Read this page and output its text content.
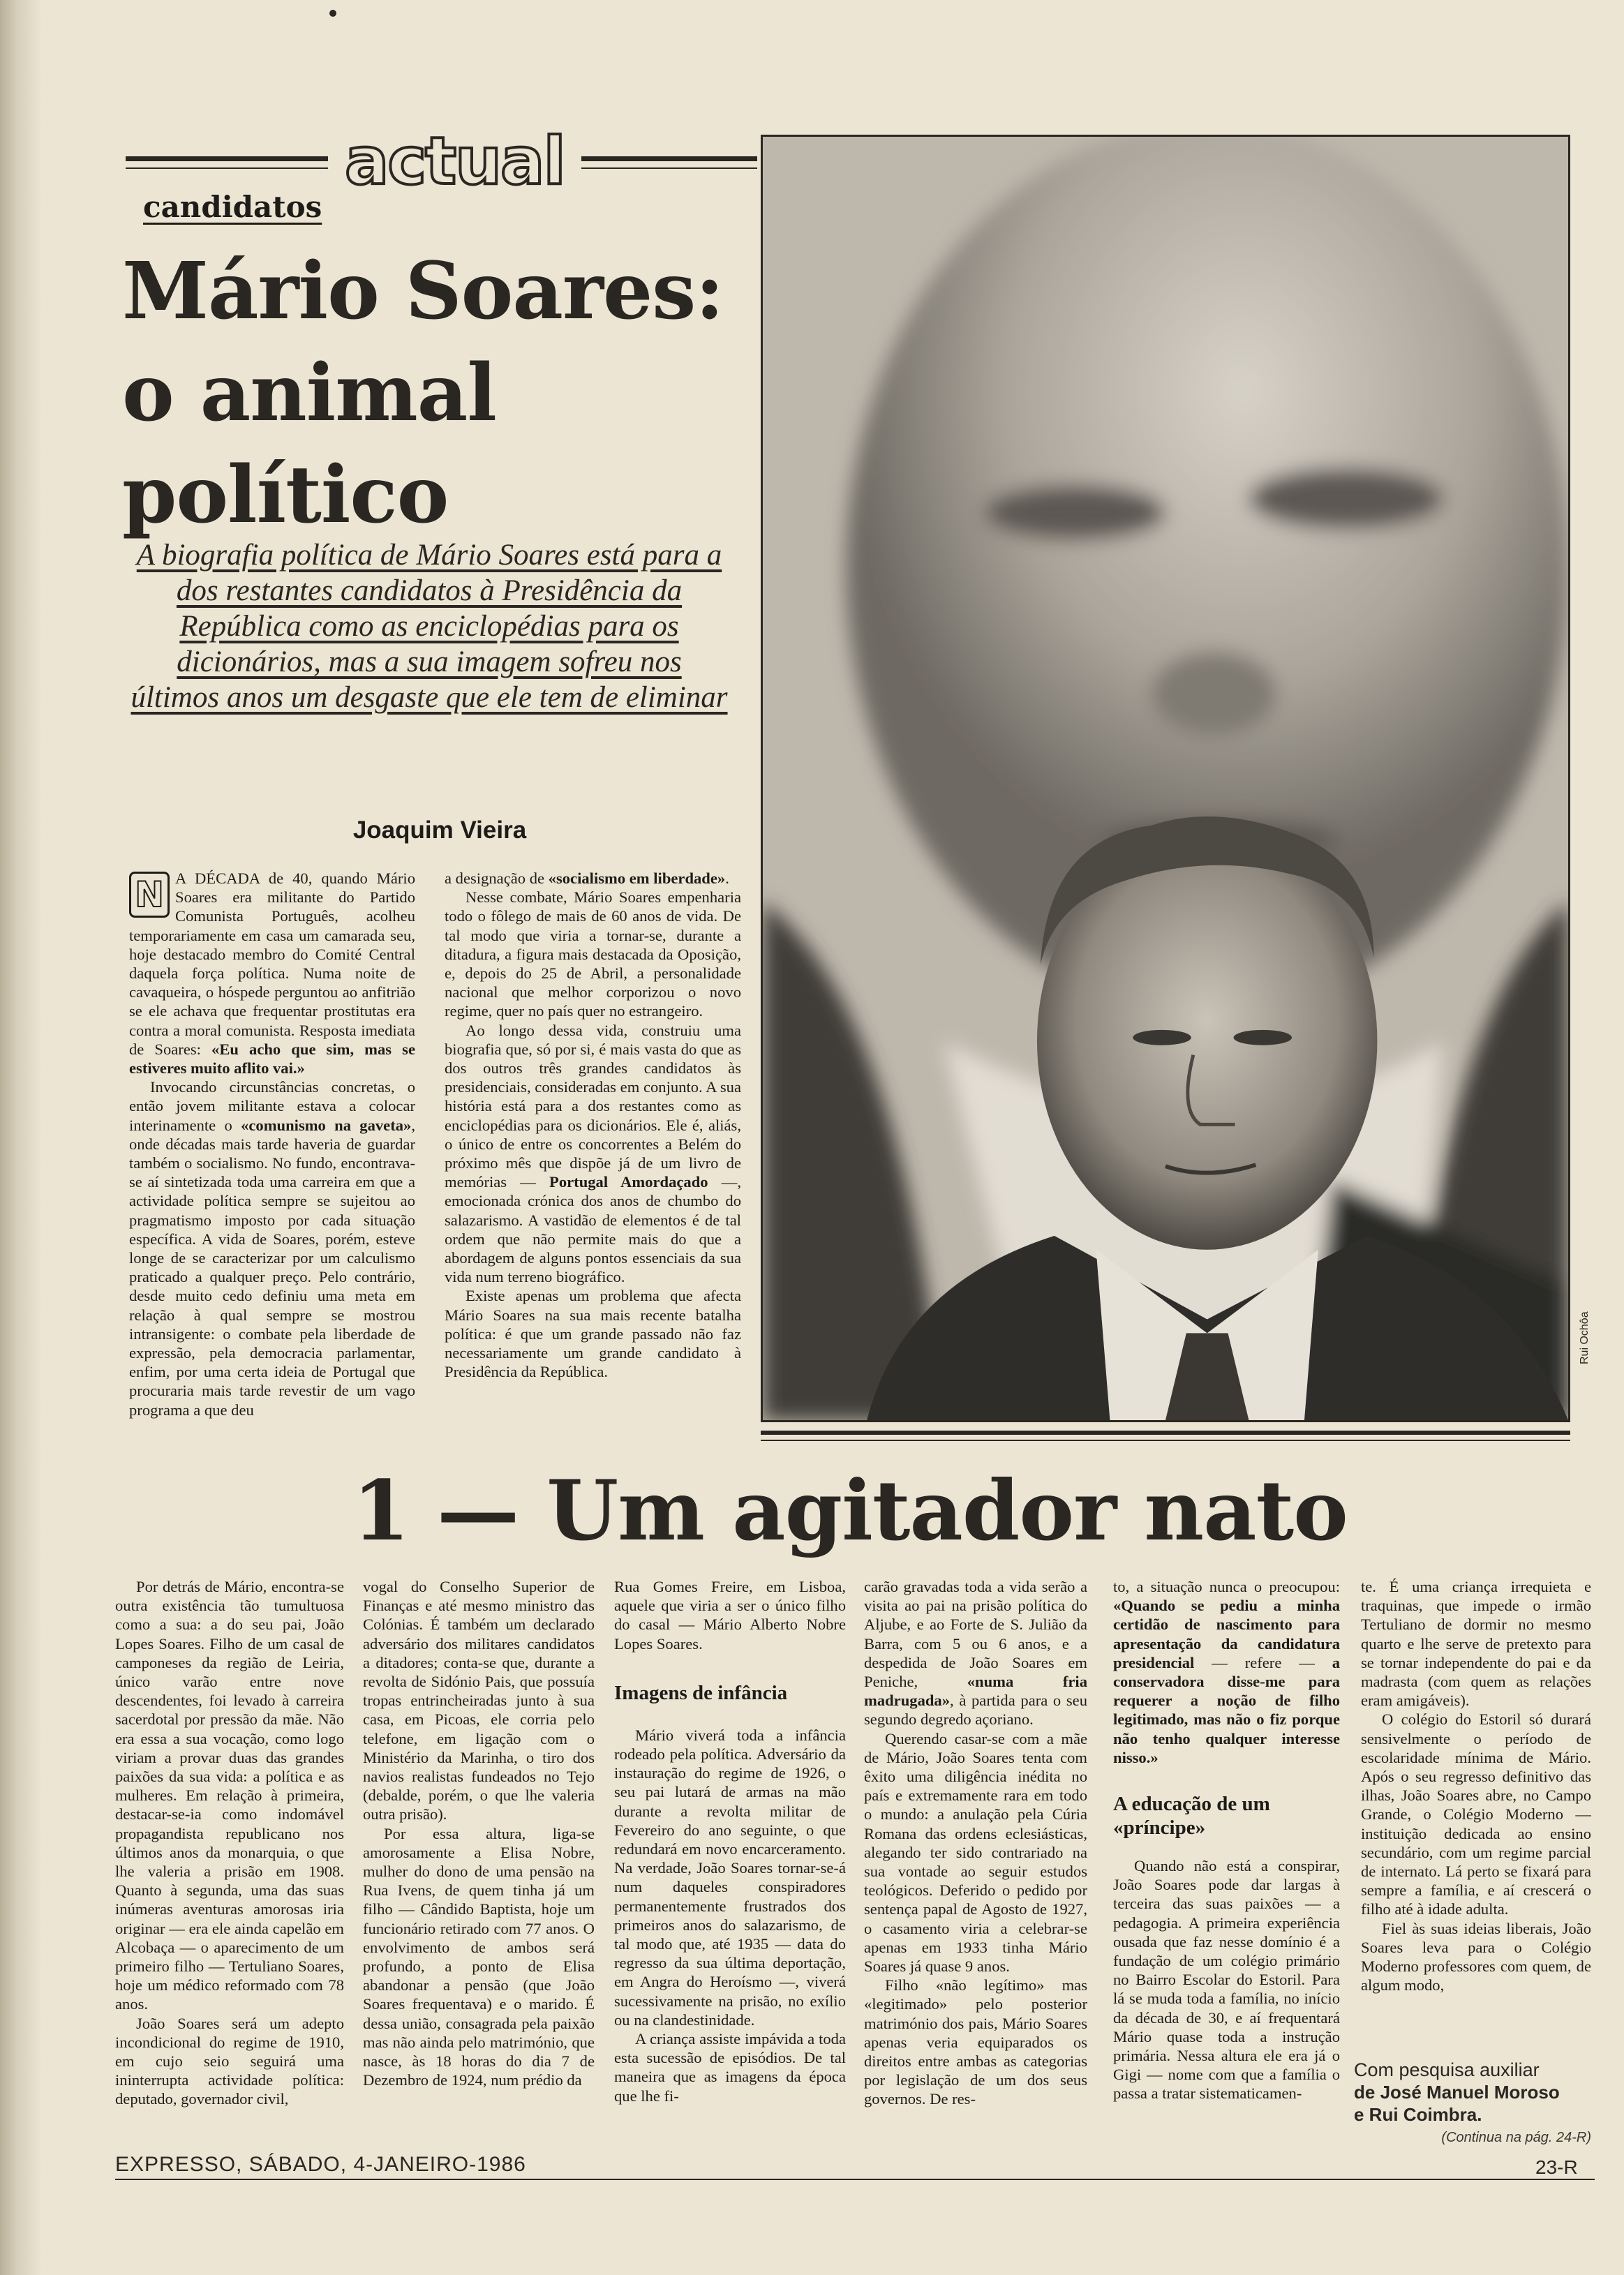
actual
candidatos
Mário Soares:
o animal
político
A biografia política de Mário Soares está para a dos restantes candidatos à Presidência da República como as enciclopédias para os dicionários, mas a sua imagem sofreu nos últimos anos um desgaste que ele tem de eliminar
Joaquim Vieira

N A DÉCADA de 40, quando Mário Soares era militante do Partido Comunista Português, acolheu temporariamente em casa um camarada seu, hoje destacado membro do Comité Central daquela força política. Numa noite de cavaqueira, o hóspede perguntou ao anfitrião se ele achava que frequentar prostitutas era contra a moral comunista. Resposta imediata de Soares: «Eu acho que sim, mas se estiveres muito aflito vai.»

Invocando circunstâncias concretas, o então jovem militante estava a colocar interinamente o «comunismo na gaveta», onde décadas mais tarde haveria de guardar também o socialismo. No fundo, encontrava-se aí sintetizada toda uma carreira em que a actividade política sempre se sujeitou ao pragmatismo imposto por cada situação específica. A vida de Soares, porém, esteve longe de se caracterizar por um calculismo praticado a qualquer preço. Pelo contrário, desde muito cedo definiu uma meta em relação à qual sempre se mostrou intransigente: o combate pela liberdade de expressão, pela democracia parlamentar, enfim, por uma certa ideia de Portugal que procuraria mais tarde revestir de um vago programa a que deu

a designação de «socialismo em liberdade».

Nesse combate, Mário Soares empenharia todo o fôlego de mais de 60 anos de vida. De tal modo que viria a tornar-se, durante a ditadura, a figura mais destacada da Oposição, e, depois do 25 de Abril, a personalidade nacional que melhor corporizou o novo regime, quer no país quer no estrangeiro.

Ao longo dessa vida, construiu uma biografia que, só por si, é mais vasta do que as dos outros três grandes candidatos às presidenciais, consideradas em conjunto. A sua história está para a dos restantes como as enciclopédias para os dicionários. Ele é, aliás, o único de entre os concorrentes a Belém do próximo mês que dispõe já de um livro de memórias — Portugal Amordaçado —, emocionada crónica dos anos de chumbo do salazarismo. A vastidão de elementos é de tal ordem que não permite mais do que a abordagem de alguns pontos essenciais da sua vida num terreno biográfico.

Existe apenas um problema que afecta Mário Soares na sua mais recente batalha política: é que um grande passado não faz necessariamente um grande candidato à Presidência da República.

Rui Ochôa
1 — Um agitador nato

Por detrás de Mário, encontra-se outra existência tão tumultuosa como a sua: a do seu pai, João Lopes Soares. Filho de um casal de camponeses da região de Leiria, único varão entre nove descendentes, foi levado à carreira sacerdotal por pressão da mãe. Não era essa a sua vocação, como logo viriam a provar duas das grandes paixões da sua vida: a política e as mulheres. Em relação à primeira, destacar-se-ia como indomável propagandista republicano nos últimos anos da monarquia, o que lhe valeria a prisão em 1908. Quanto à segunda, uma das suas inúmeras aventuras amorosas iria originar — era ele ainda capelão em Alcobaça — o aparecimento de um primeiro filho — Tertuliano Soares, hoje um médico reformado com 78 anos.

João Soares será um adepto incondicional do regime de 1910, em cujo seio seguirá uma ininterrupta actividade política: deputado, governador civil,

vogal do Conselho Superior de Finanças e até mesmo ministro das Colónias. É também um declarado adversário dos militares candidatos a ditadores; conta-se que, durante a revolta de Sidónio Pais, que possuía tropas entrincheiradas junto à sua casa, em Picoas, ele corria pelo telefone, em ligação com o Ministério da Marinha, o tiro dos navios realistas fundeados no Tejo (debalde, porém, o que lhe valeria outra prisão).

Por essa altura, liga-se amorosamente a Elisa Nobre, mulher do dono de uma pensão na Rua Ivens, de quem tinha já um filho — Cândido Baptista, hoje um funcionário retirado com 77 anos. O envolvimento de ambos será profundo, a ponto de Elisa abandonar a pensão (que João Soares frequentava) e o marido. É dessa união, consagrada pela paixão mas não ainda pelo matrimónio, que nasce, às 18 horas do dia 7 de Dezembro de 1924, num prédio da

Rua Gomes Freire, em Lisboa, aquele que viria a ser o único filho do casal — Mário Alberto Nobre Lopes Soares.

Imagens de infância

Mário viverá toda a infância rodeado pela política. Adversário da instauração do regime de 1926, o seu pai lutará de armas na mão durante a revolta militar de Fevereiro do ano seguinte, o que redundará em novo encarceramento. Na verdade, João Soares tornar-se-á num daqueles conspiradores permanentemente frustrados dos primeiros anos do salazarismo, de tal modo que, até 1935 — data do regresso da sua última deportação, em Angra do Heroísmo —, viverá sucessivamente na prisão, no exílio ou na clandestinidade.

A criança assiste impávida a toda esta sucessão de episódios. De tal maneira que as imagens da época que lhe fi-

carão gravadas toda a vida serão a visita ao pai na prisão política do Aljube, e ao Forte de S. Julião da Barra, com 5 ou 6 anos, e a despedida de João Soares em Peniche, «numa fria madrugada», à partida para o seu segundo degredo açoriano.

Querendo casar-se com a mãe de Mário, João Soares tenta com êxito uma diligência inédita no país e extremamente rara em todo o mundo: a anulação pela Cúria Romana das ordens eclesiásticas, alegando ter sido contrariado na sua vontade ao seguir estudos teológicos. Deferido o pedido por sentença papal de Agosto de 1927, o casamento viria a celebrar-se apenas em 1933 tinha Mário Soares já quase 9 anos.

Filho «não legítimo» mas «legitimado» pelo posterior matrimónio dos pais, Mário Soares apenas veria equiparados os direitos entre ambas as categorias por legislação de um dos seus governos. De res-

to, a situação nunca o preocupou: «Quando se pediu a minha certidão de nascimento para apresentação da candidatura presidencial — refere — a conservadora disse-me para requerer a noção de filho legitimado, mas não o fiz porque não tenho qualquer interesse nisso.»

A educação de um «príncipe»

Quando não está a conspirar, João Soares pode dar largas à terceira das suas paixões — a pedagogia. A primeira experiência ousada que faz nesse domínio é a fundação de um colégio primário no Bairro Escolar do Estoril. Para lá se muda toda a família, no início da década de 30, e aí frequentará Mário quase toda a instrução primária. Nessa altura ele era já o Gigi — nome com que a família o passa a tratar sistematicamen-

te. É uma criança irrequieta e traquinas, que impede o irmão Tertuliano de dormir no mesmo quarto e lhe serve de pretexto para se tornar independente do pai e da madrasta (com quem as relações eram amigáveis).

O colégio do Estoril só durará sensivelmente o período de escolaridade mínima de Mário. Após o seu regresso definitivo das ilhas, João Soares abre, no Campo Grande, o Colégio Moderno — instituição dedicada ao ensino secundário, com um regime parcial de internato. Lá perto se fixará para sempre a família, e aí crescerá o filho até à idade adulta.

Fiel às suas ideias liberais, João Soares leva para o Colégio Moderno professores com quem, de algum modo,

Com pesquisa auxiliar
de José Manuel Moroso
e Rui Coimbra.
(Continua na pág. 24-R)
EXPRESSO, SÁBADO, 4-JANEIRO-1986	23-R
